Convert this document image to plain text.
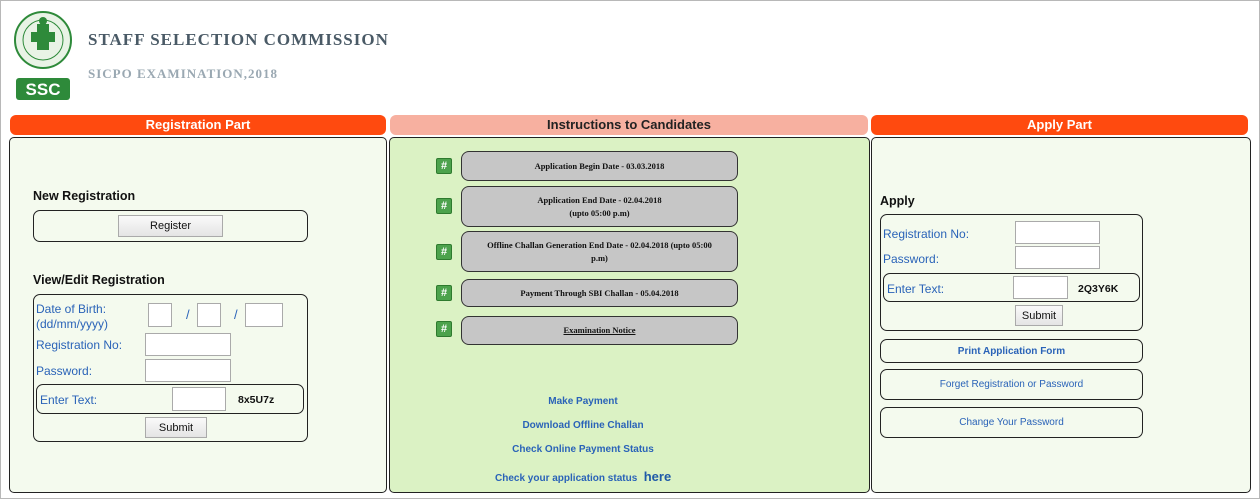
SSC
STAFF SELECTION COMMISSION
SICPO EXAMINATION,2018
Registration Part	Instructions to Candidates	Apply Part
New Registration
Register
View/Edit Registration
Date of Birth:
(dd/mm/yyyy)
/	/
Registration No:
Password:
Enter Text:	8x5U7z
Submit
#	Application Begin Date - 03.03.2018
#
Application End Date - 02.04.2018
(upto 05:00 p.m)
#
Offline Challan Generation End Date - 02.04.2018 (upto 05:00
p.m)
#	Payment Through SBI Challan - 05.04.2018
#	Examination Notice
Make Payment
Download Offline Challan
Check Online Payment Status
Check your application status here
Apply
Registration No:
Password:
Enter Text:	2Q3Y6K
Submit
Print Application Form
Forget Registration or Password
Change Your Password
